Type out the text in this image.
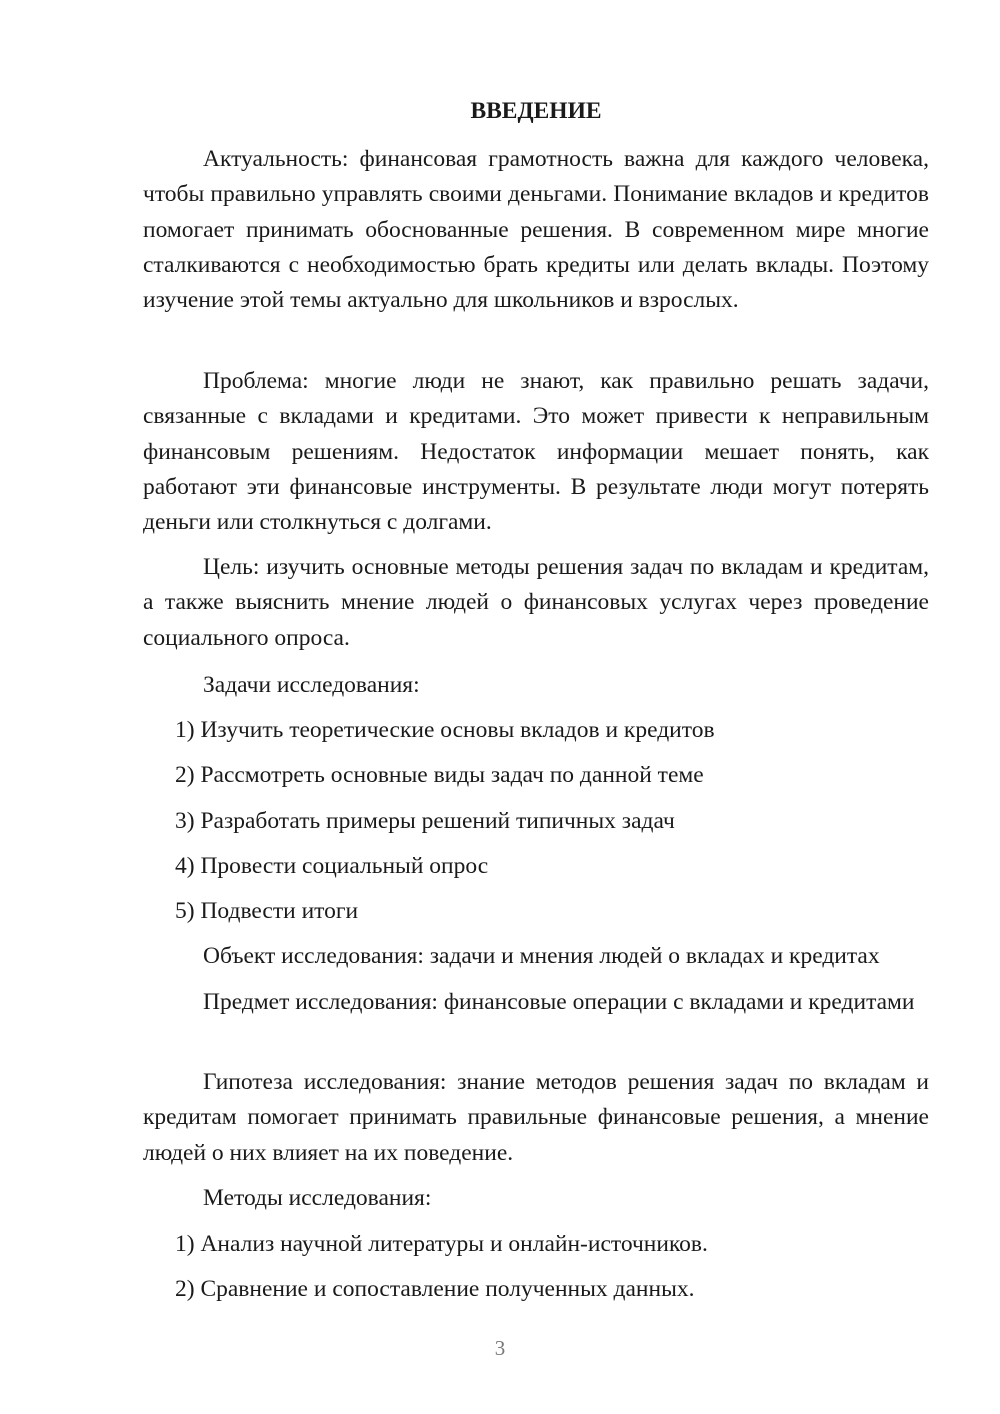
ВВЕДЕНИЕ

Актуальность: финансовая грамотность важна для каждого человека, чтобы правильно управлять своими деньгами. Понимание вкладов и кредитов помогает принимать обоснованные решения. В современном мире многие сталкиваются с необходимостью брать кредиты или делать вклады. Поэтому изучение этой темы актуально для школьников и взрослых.

Проблема: многие люди не знают, как правильно решать задачи, связанные с вкладами и кредитами. Это может привести к неправильным финансовым решениям. Недостаток информации мешает понять, как работают эти финансовые инструменты. В результате люди могут потерять деньги или столкнуться с долгами.

Цель: изучить основные методы решения задач по вкладам и кредитам, а также выяснить мнение людей о финансовых услугах через проведение социального опроса.

Задачи исследования:
1) Изучить теоретические основы вкладов и кредитов
2) Рассмотреть основные виды задач по данной теме
3) Разработать примеры решений типичных задач
4) Провести социальный опрос
5) Подвести итоги
Объект исследования: задачи и мнения людей о вкладах и кредитах

Предмет исследования: финансовые операции с вкладами и кредитами

Гипотеза исследования: знание методов решения задач по вкладам и кредитам помогает принимать правильные финансовые решения, а мнение людей о них влияет на их поведение.

Методы исследования:
1) Анализ научной литературы и онлайн-источников.
2) Сравнение и сопоставление полученных данных.
3
